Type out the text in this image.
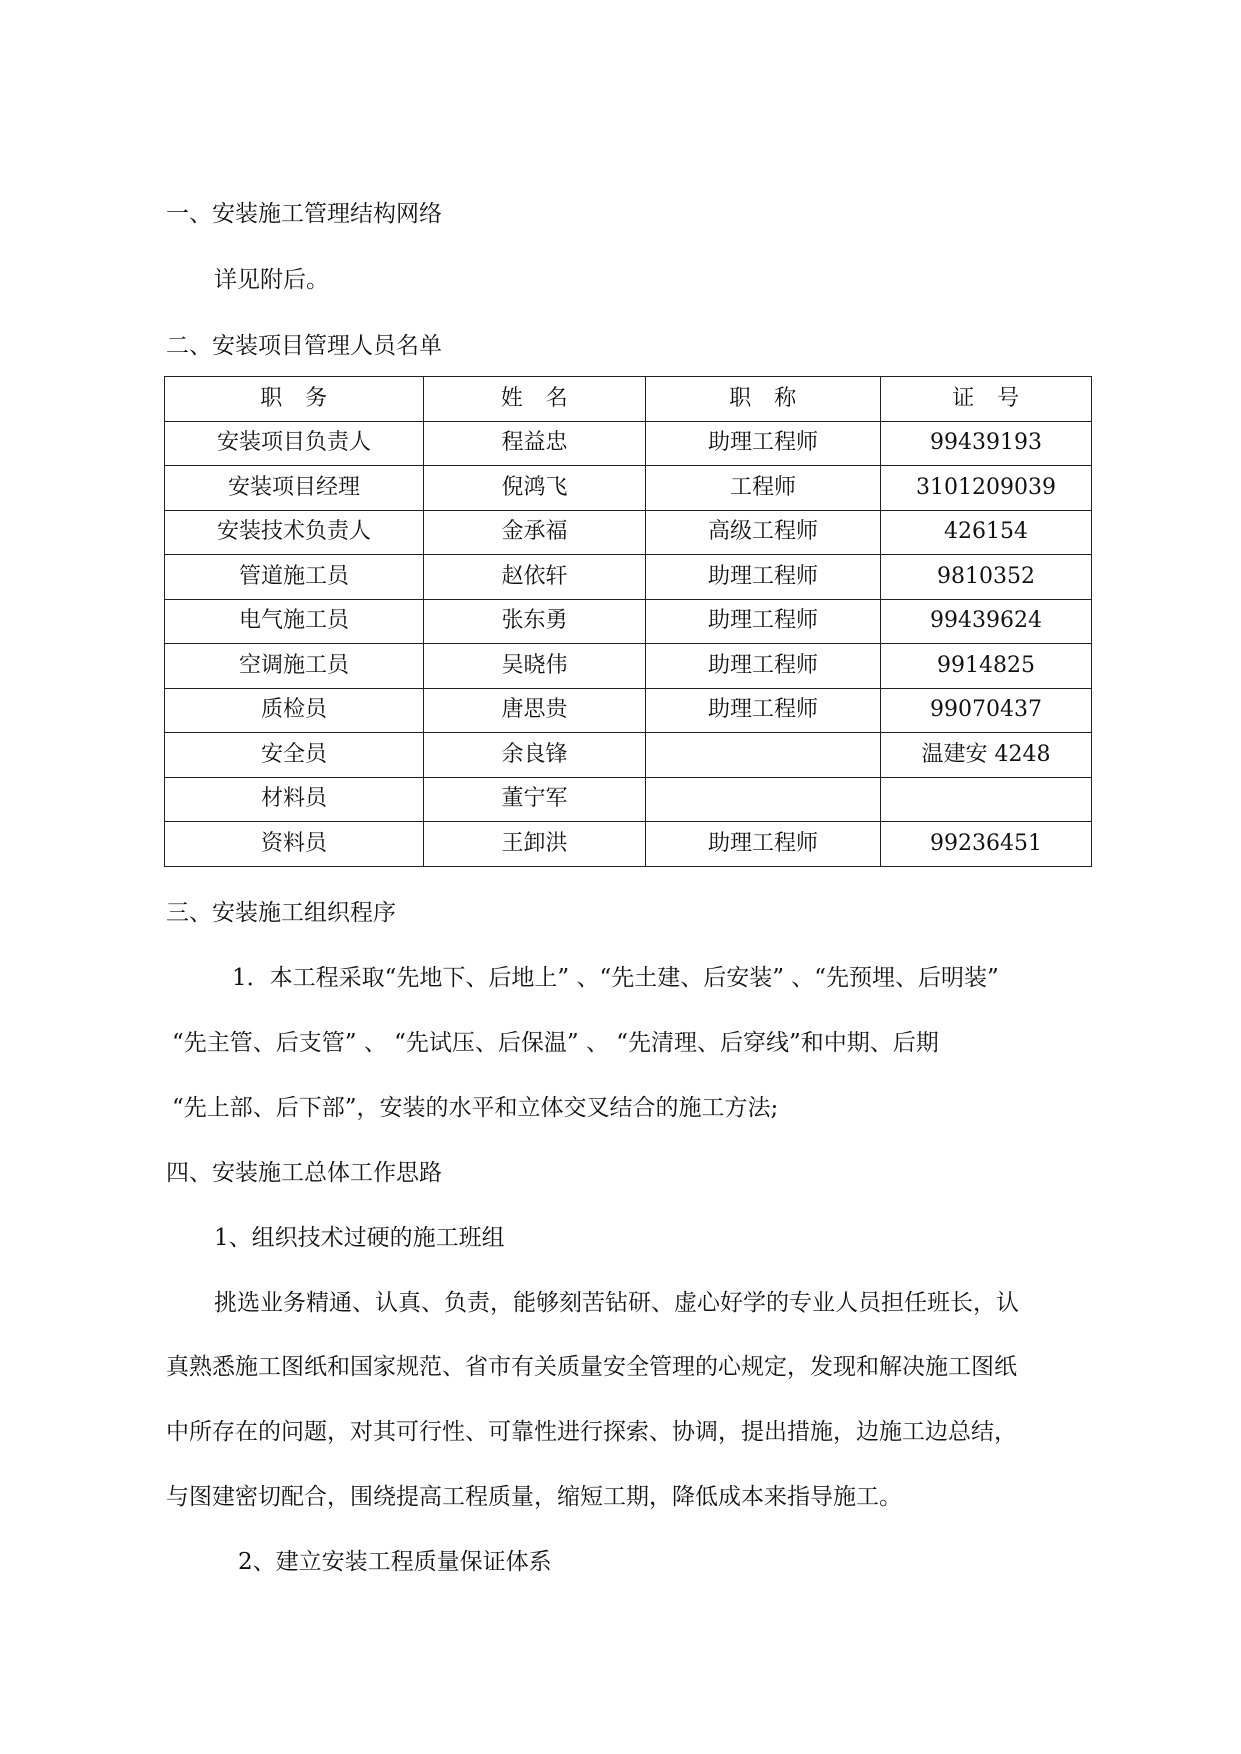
一、安装施工管理结构网络
详见附后。
二、安装项目管理人员名单
职　务	姓　名	职　称	证　号
安装项目负责人	程益忠	助理工程师	99439193
安装项目经理	倪鸿飞	工程师	3101209039
安装技术负责人	金承福	高级工程师	426154
管道施工员	赵依轩	助理工程师	9810352
电气施工员	张东勇	助理工程师	99439624
空调施工员	吴晓伟	助理工程师	9914825
质检员	唐思贵	助理工程师	99070437
安全员	余良锋		温建安 4248
材料员	董宁军		
资料员	王卸洪	助理工程师	99236451
三、安装施工组织程序
1．本工程采取“先地下、后地上” 、“先土建、后安装” 、“先预埋、后明装”
“先主管、后支管” 、 “先试压、后保温” 、 “先清理、后穿线”和中期、后期
“先上部、后下部”，安装的水平和立体交叉结合的施工方法;
四、安装施工总体工作思路
1、组织技术过硬的施工班组
挑选业务精通、认真、负责，能够刻苦钻研、虚心好学的专业人员担任班长，认
真熟悉施工图纸和国家规范、省市有关质量安全管理的心规定，发现和解决施工图纸
中所存在的问题，对其可行性、可靠性进行探索、协调，提出措施，边施工边总结，
与图建密切配合，围绕提高工程质量，缩短工期，降低成本来指导施工。
2、建立安装工程质量保证体系
